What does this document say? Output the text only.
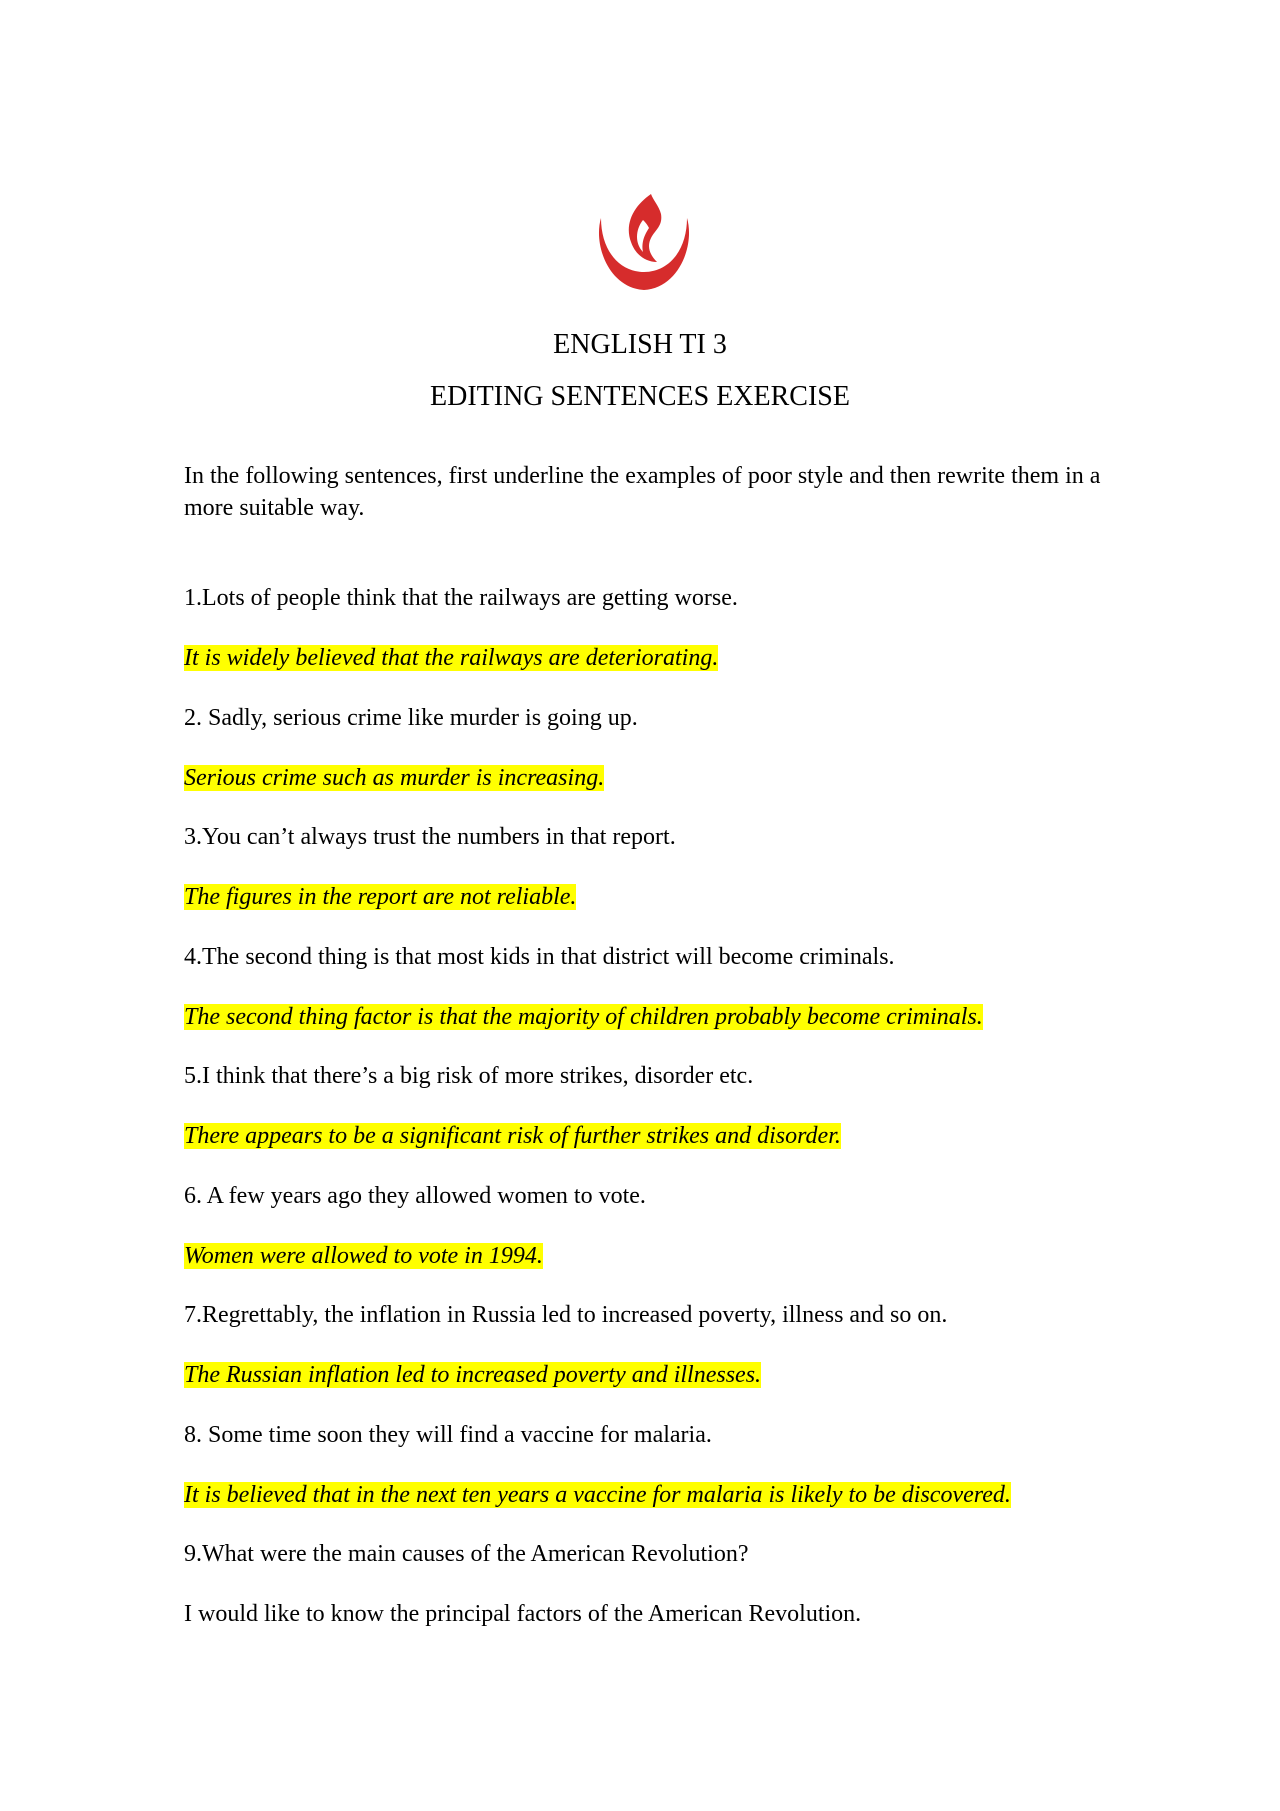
ENGLISH TI 3
EDITING SENTENCES EXERCISE

In the following sentences, first underline the examples of poor style and then rewrite them in a more suitable way.

1.Lots of people think that the railways are getting worse.

It is widely believed that the railways are deteriorating.

2. Sadly, serious crime like murder is going up.

Serious crime such as murder is increasing.

3.You can’t always trust the numbers in that report.

The figures in the report are not reliable.

4.The second thing is that most kids in that district will become criminals.

The second thing factor is that the majority of children probably become criminals.

5.I think that there’s a big risk of more strikes, disorder etc.

There appears to be a significant risk of further strikes and disorder.

6. A few years ago they allowed women to vote.

Women were allowed to vote in 1994.

7.Regrettably, the inflation in Russia led to increased poverty, illness and so on.

The Russian inflation led to increased poverty and illnesses.

8. Some time soon they will find a vaccine for malaria.

It is believed that in the next ten years a vaccine for malaria is likely to be discovered.

9.What were the main causes of the American Revolution?

I would like to know the principal factors of the American Revolution.
